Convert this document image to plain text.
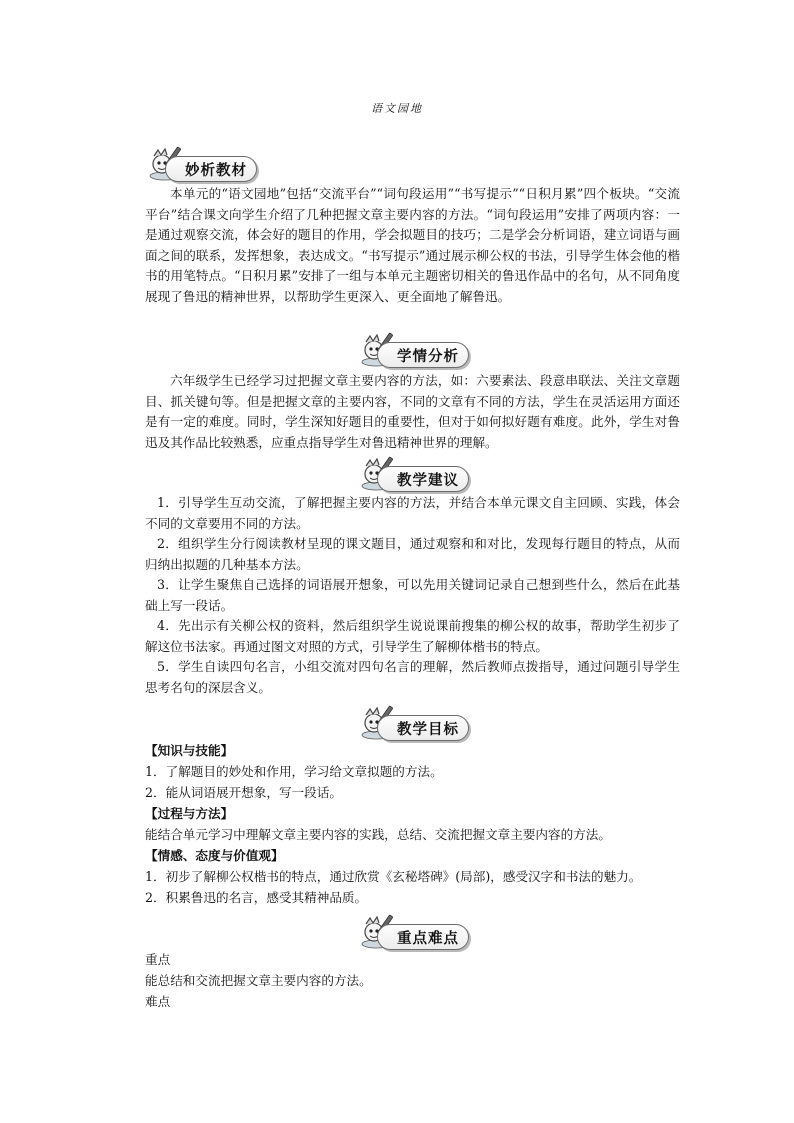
语文园地
妙析教材

本单元的“语文园地”包括“交流平台”“词句段运用”“书写提示”“日积月累”四个板块。“交流平台”结合课文向学生介绍了几种把握文章主要内容的方法。“词句段运用”安排了两项内容：一是通过观察交流，体会好的题目的作用，学会拟题目的技巧；二是学会分析词语，建立词语与画面之间的联系，发挥想象，表达成文。“书写提示”通过展示柳公权的书法，引导学生体会他的楷书的用笔特点。“日积月累”安排了一组与本单元主题密切相关的鲁迅作品中的名句，从不同角度展现了鲁迅的精神世界，以帮助学生更深入、更全面地了解鲁迅。

学情分析

六年级学生已经学习过把握文章主要内容的方法，如：六要素法、段意串联法、关注文章题目、抓关键句等。但是把握文章的主要内容，不同的文章有不同的方法，学生在灵活运用方面还是有一定的难度。同时，学生深知好题目的重要性，但对于如何拟好题有难度。此外，学生对鲁迅及其作品比较熟悉，应重点指导学生对鲁迅精神世界的理解。

教学建议

1．引导学生互动交流，了解把握主要内容的方法，并结合本单元课文自主回顾、实践，体会不同的文章要用不同的方法。

2．组织学生分行阅读教材呈现的课文题目，通过观察和和对比，发现每行题目的特点，从而归纳出拟题的几种基本方法。

3．让学生聚焦自己选择的词语展开想象，可以先用关键词记录自己想到些什么，然后在此基础上写一段话。

4．先出示有关柳公权的资料，然后组织学生说说课前搜集的柳公权的故事，帮助学生初步了解这位书法家。再通过图文对照的方式，引导学生了解柳体楷书的特点。

5．学生自读四句名言，小组交流对四句名言的理解，然后教师点拨指导，通过问题引导学生思考名句的深层含义。

教学目标
【知识与技能】
1．了解题目的妙处和作用，学习给文章拟题的方法。
2．能从词语展开想象，写一段话。
【过程与方法】
能结合单元学习中理解文章主要内容的实践，总结、交流把握文章主要内容的方法。
【情感、态度与价值观】
1．初步了解柳公权楷书的特点，通过欣赏《玄秘塔碑》(局部)，感受汉字和书法的魅力。
2．积累鲁迅的名言，感受其精神品质。
重点难点
重点
能总结和交流把握文章主要内容的方法。
难点
